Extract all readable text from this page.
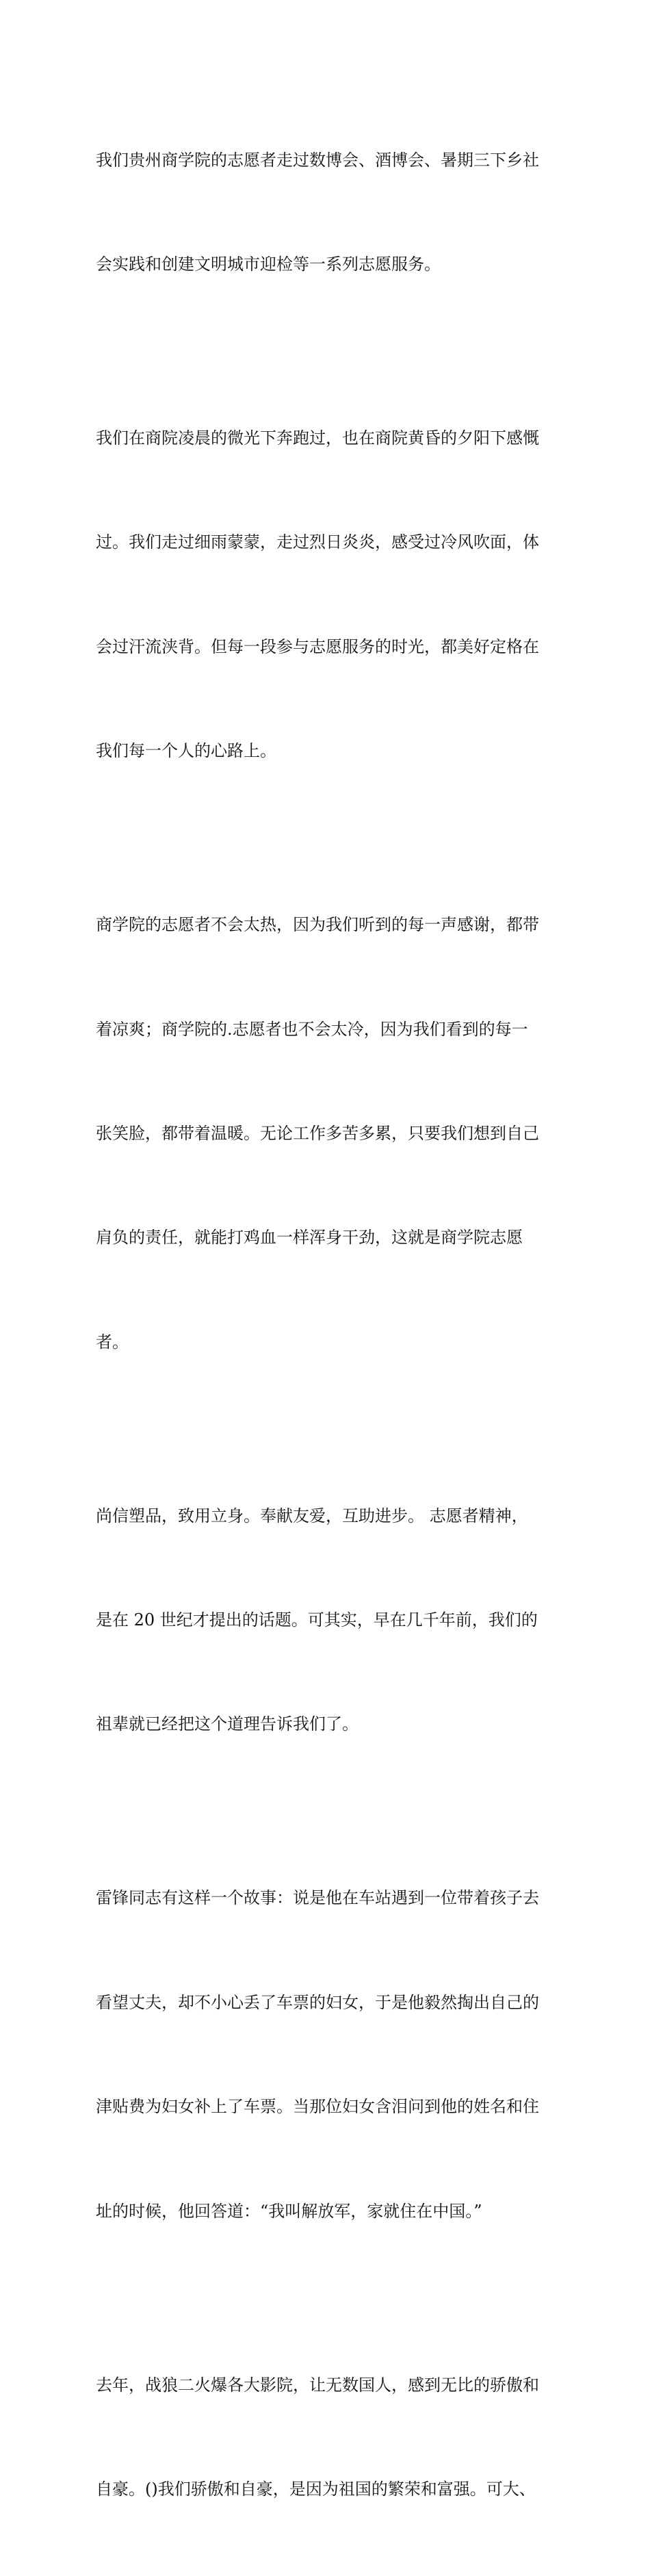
我们贵州商学院的志愿者走过数博会、酒博会、暑期三下乡社

会实践和创建文明城市迎检等一系列志愿服务。

我们在商院凌晨的微光下奔跑过，也在商院黄昏的夕阳下感慨

过。我们走过细雨蒙蒙，走过烈日炎炎，感受过冷风吹面，体

会过汗流浃背。但每一段参与志愿服务的时光，都美好定格在

我们每一个人的心路上。

商学院的志愿者不会太热，因为我们听到的每一声感谢，都带

着凉爽；商学院的.志愿者也不会太冷，因为我们看到的每一

张笑脸，都带着温暖。无论工作多苦多累，只要我们想到自己

肩负的责任，就能打鸡血一样浑身干劲，这就是商学院志愿

者。

尚信塑品，致用立身。奉献友爱，互助进步。 志愿者精神，

是在 20 世纪才提出的话题。可其实，早在几千年前，我们的

祖辈就已经把这个道理告诉我们了。

雷锋同志有这样一个故事：说是他在车站遇到一位带着孩子去

看望丈夫，却不小心丢了车票的妇女，于是他毅然掏出自己的

津贴费为妇女补上了车票。当那位妇女含泪问到他的姓名和住

址的时候，他回答道：“我叫解放军，家就住在中国。”

去年，战狼二火爆各大影院，让无数国人，感到无比的骄傲和

自豪。()我们骄傲和自豪，是因为祖国的繁荣和富强。可大、
